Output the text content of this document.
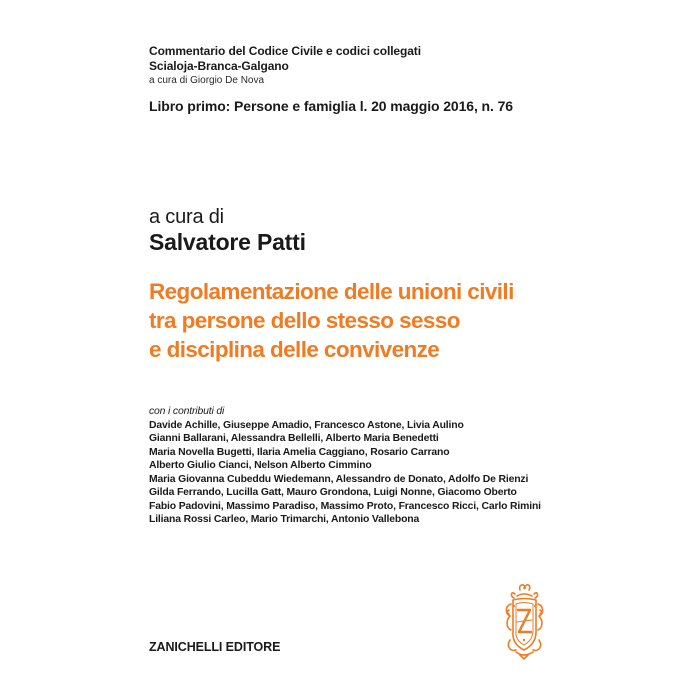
Commentario del Codice Civile e codici collegati
Scialoja-Branca-Galgano
a cura di Giorgio De Nova
Libro primo: Persone e famiglia l. 20 maggio 2016, n. 76
a cura di
Salvatore Patti
Regolamentazione delle unioni civili
tra persone dello stesso sesso
e disciplina delle convivenze
con i contributi di
Davide Achille, Giuseppe Amadio, Francesco Astone, Livia Aulino
Gianni Ballarani, Alessandra Bellelli, Alberto Maria Benedetti
Maria Novella Bugetti, Ilaria Amelia Caggiano, Rosario Carrano
Alberto Giulio Cianci, Nelson Alberto Cimmino
Maria Giovanna Cubeddu Wiedemann, Alessandro de Donato, Adolfo De Rienzi
Gilda Ferrando, Lucilla Gatt, Mauro Grondona, Luigi Nonne, Giacomo Oberto
Fabio Padovini, Massimo Paradiso, Massimo Proto, Francesco Ricci, Carlo Rimini
Liliana Rossi Carleo, Mario Trimarchi, Antonio Vallebona
ZANICHELLI EDITORE
